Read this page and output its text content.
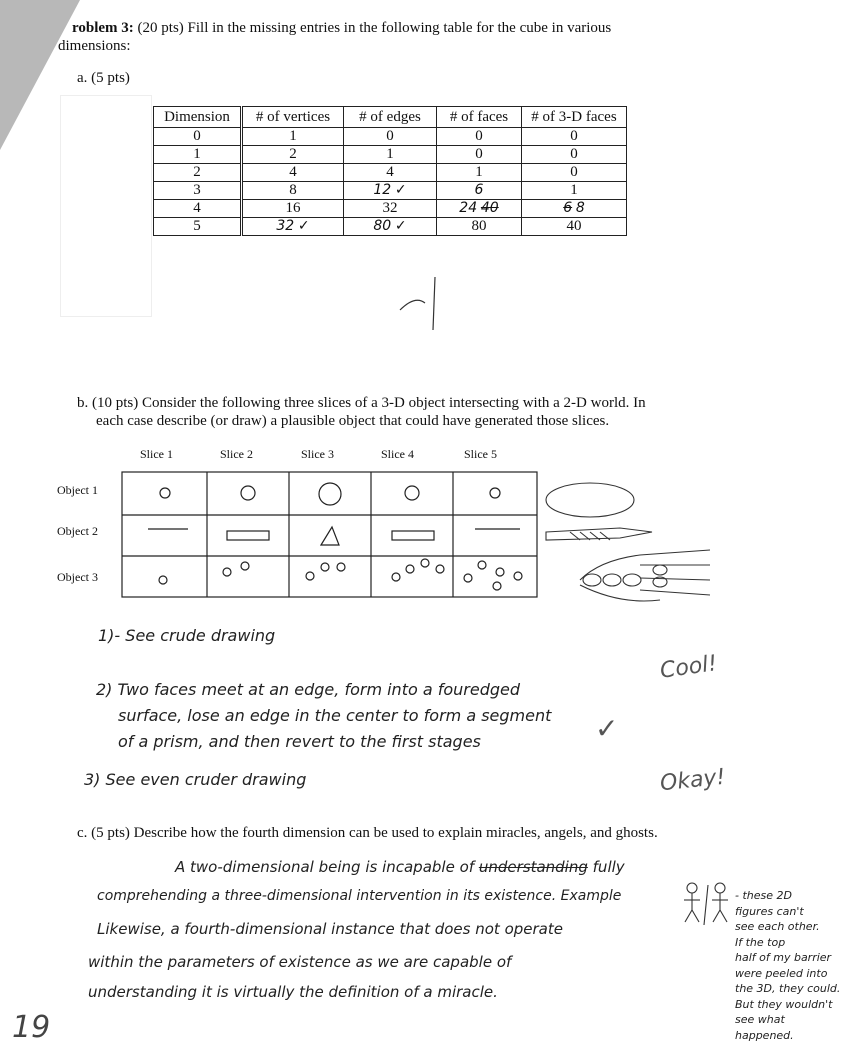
roblem 3: (20 pts) Fill in the missing entries in the following table for the cube in various
dimensions:
a. (5 pts)
Dimension	# of vertices	# of edges	# of faces	# of 3-D faces
0	1	0	0	0
1	2	1	0	0
2	4	4	1	0
3	8	12 ✓	6	1
4	16	32	24 40	6 8
5	32 ✓	80 ✓	80	40
b. (10 pts) Consider the following three slices of a 3-D object intersecting with a 2-D world. In
each case describe (or draw) a plausible object that could have generated those slices.
Slice 1	Slice 2	Slice 3	Slice 4	Slice 5
Object 1
Object 2
Object 3
1)- See crude drawing
Cool!
2) Two faces meet at an edge, form into a fouredged
surface, lose an edge in the center to form a segment
of a prism, and then revert to the first stages	✓
3) See even cruder drawing	Okay!
c. (5 pts) Describe how the fourth dimension can be used to explain miracles, angels, and ghosts.
A two-dimensional being is incapable of understanding fully
comprehending a three-dimensional intervention in its existence. Example
Likewise, a fourth-dimensional instance that does not operate
within the parameters of existence as we are capable of
understanding it is virtually the definition of a miracle.
- these 2D
figures can't
see each other.
If the top
half of my barrier
were peeled into
the 3D, they could.
But they wouldn't
see what happened.
19
